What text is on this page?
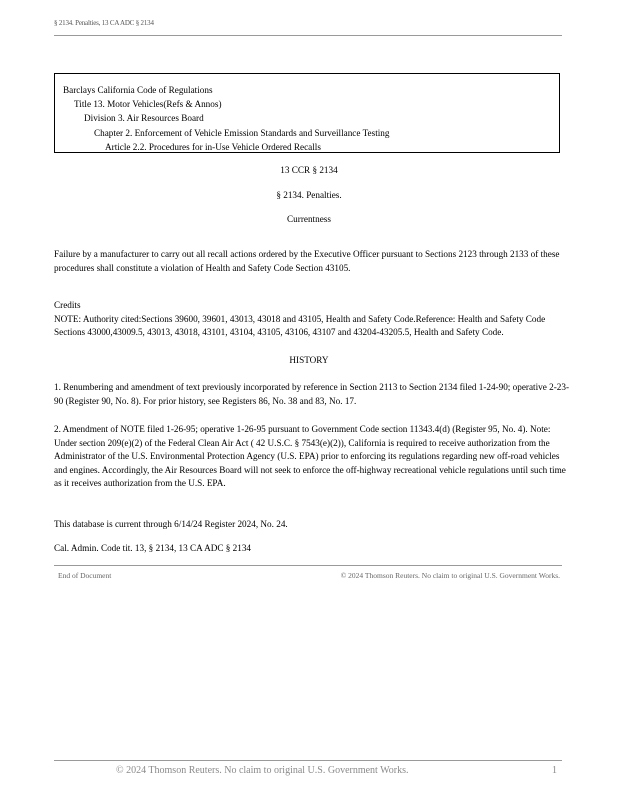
§ 2134. Penalties, 13 CA ADC § 2134
Barclays California Code of Regulations
Title 13. Motor Vehicles(Refs & Annos)
Division 3. Air Resources Board
Chapter 2. Enforcement of Vehicle Emission Standards and Surveillance Testing
Article 2.2. Procedures for in-Use Vehicle Ordered Recalls
13 CCR § 2134
§ 2134. Penalties.
Currentness

Failure by a manufacturer to carry out all recall actions ordered by the Executive Officer pursuant to Sections 2123 through 2133 of these procedures shall constitute a violation of Health and Safety Code Section 43105.

Credits

NOTE: Authority cited:Sections 39600, 39601, 43013, 43018 and 43105, Health and Safety Code.Reference: Health and Safety Code Sections 43000,43009.5, 43013, 43018, 43101, 43104, 43105, 43106, 43107 and 43204-43205.5, Health and Safety Code.

HISTORY

1. Renumbering and amendment of text previously incorporated by reference in Section 2113 to Section 2134 filed 1-24-90; operative 2-23-90 (Register 90, No. 8). For prior history, see Registers 86, No. 38 and 83, No. 17.

2. Amendment of NOTE filed 1-26-95; operative 1-26-95 pursuant to Government Code section 11343.4(d) (Register 95, No. 4). Note: Under section 209(e)(2) of the Federal Clean Air Act ( 42 U.S.C. § 7543(e)(2)), California is required to receive authorization from the Administrator of the U.S. Environmental Protection Agency (U.S. EPA) prior to enforcing its regulations regarding new off-road vehicles and engines. Accordingly, the Air Resources Board will not seek to enforce the off-highway recreational vehicle regulations until such time as it receives authorization from the U.S. EPA.

This database is current through 6/14/24 Register 2024, No. 24.

Cal. Admin. Code tit. 13, § 2134, 13 CA ADC § 2134

End of Document	© 2024 Thomson Reuters. No claim to original U.S. Government Works.
© 2024 Thomson Reuters. No claim to original U.S. Government Works.	1
